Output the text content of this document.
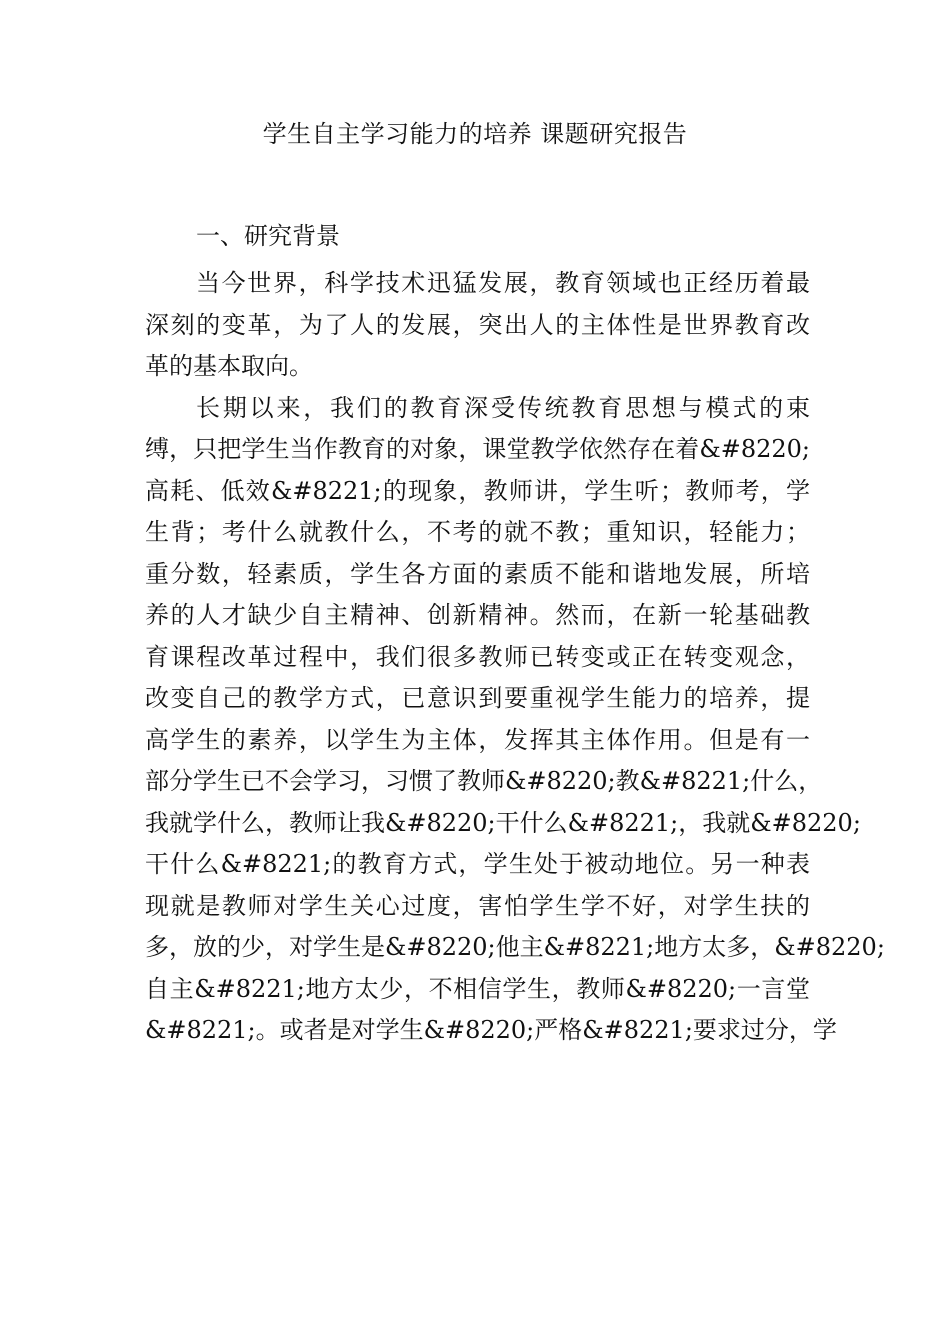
学生自主学习能力的培养 课题研究报告
一、研究背景
当今世界，科学技术迅猛发展，教育领域也正经历着最
深刻的变革，为了人的发展，突出人的主体性是世界教育改
革的基本取向。
长期以来，我们的教育深受传统教育思想与模式的束
缚，只把学生当作教育的对象，课堂教学依然存在着&#8220;
高耗、低效&#8221;的现象，教师讲，学生听；教师考，学
生背；考什么就教什么，不考的就不教；重知识，轻能力；
重分数，轻素质，学生各方面的素质不能和谐地发展，所培
养的人才缺少自主精神、创新精神。然而，在新一轮基础教
育课程改革过程中，我们很多教师已转变或正在转变观念，
改变自己的教学方式，已意识到要重视学生能力的培养，提
高学生的素养，以学生为主体，发挥其主体作用。但是有一
部分学生已不会学习，习惯了教师&#8220;教&#8221;什么，
我就学什么，教师让我&#8220;干什么&#8221;，我就&#8220;
干什么&#8221;的教育方式，学生处于被动地位。另一种表
现就是教师对学生关心过度，害怕学生学不好，对学生扶的
多，放的少，对学生是&#8220;他主&#8221;地方太多，&#8220;
自主&#8221;地方太少，不相信学生，教师&#8220;一言堂
&#8221;。或者是对学生&#8220;严格&#8221;要求过分，学
